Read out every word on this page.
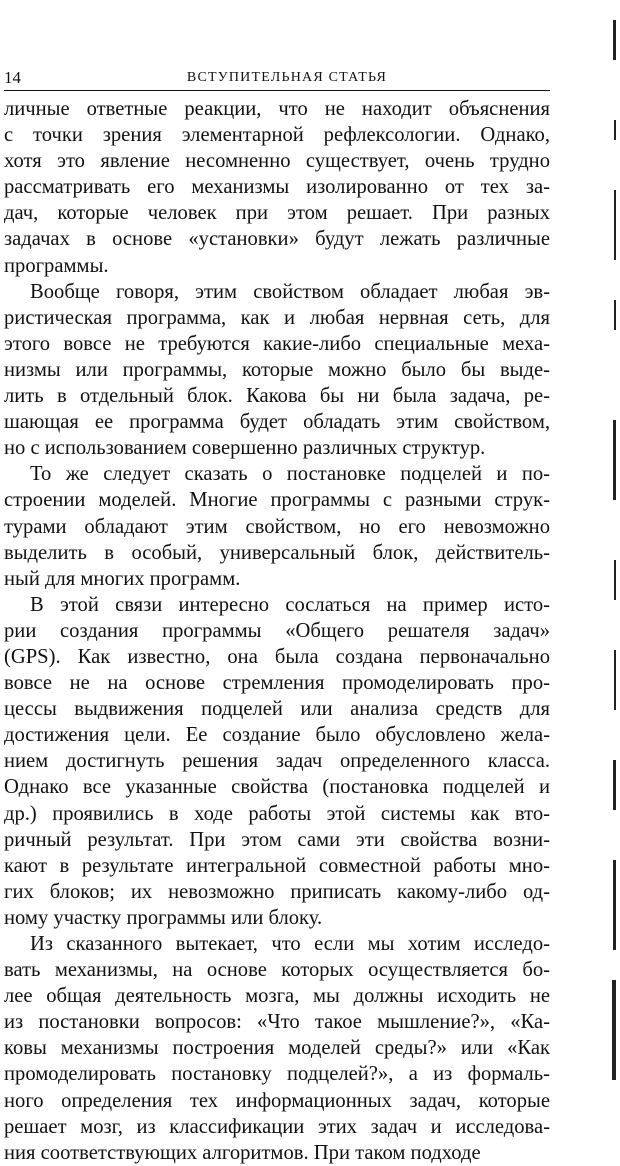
14	ВСТУПИТЕЛЬНАЯ СТАТЬЯ

личные ответные реакции, что не находит объяснения
с точки зрения элементарной рефлексологии. Однако,
хотя это явление несомненно существует, очень трудно
рассматривать его механизмы изолированно от тех за-
дач, которые человек при этом решает. При разных
задачах в основе «установки» будут лежать различные
программы.

Вообще говоря, этим свойством обладает любая эв-
ристическая программа, как и любая нервная сеть, для
этого вовсе не требуются какие-либо специальные меха-
низмы или программы, которые можно было бы выде-
лить в отдельный блок. Какова бы ни была задача, ре-
шающая ее программа будет обладать этим свойством,
но с использованием совершенно различных структур.

То же следует сказать о постановке подцелей и по-
строении моделей. Многие программы с разными струк-
турами обладают этим свойством, но его невозможно
выделить в особый, универсальный блок, действитель-
ный для многих программ.

В этой связи интересно сослаться на пример исто-
рии создания программы «Общего решателя задач»
(GPS). Как известно, она была создана первоначально
вовсе не на основе стремления промоделировать про-
цессы выдвижения подцелей или анализа средств для
достижения цели. Ее создание было обусловлено жела-
нием достигнуть решения задач определенного класса.
Однако все указанные свойства (постановка подцелей и
др.) проявились в ходе работы этой системы как вто-
ричный результат. При этом сами эти свойства возни-
кают в результате интегральной совместной работы мно-
гих блоков; их невозможно приписать какому-либо од-
ному участку программы или блоку.

Из сказанного вытекает, что если мы хотим исследо-
вать механизмы, на основе которых осуществляется бо-
лее общая деятельность мозга, мы должны исходить не
из постановки вопросов: «Что такое мышление?», «Ка-
ковы механизмы построения моделей среды?» или «Как
промоделировать постановку подцелей?», а из формаль-
ного определения тех информационных задач, которые
решает мозг, из классификации этих задач и исследова-
ния соответствующих алгоритмов. При таком подходе
